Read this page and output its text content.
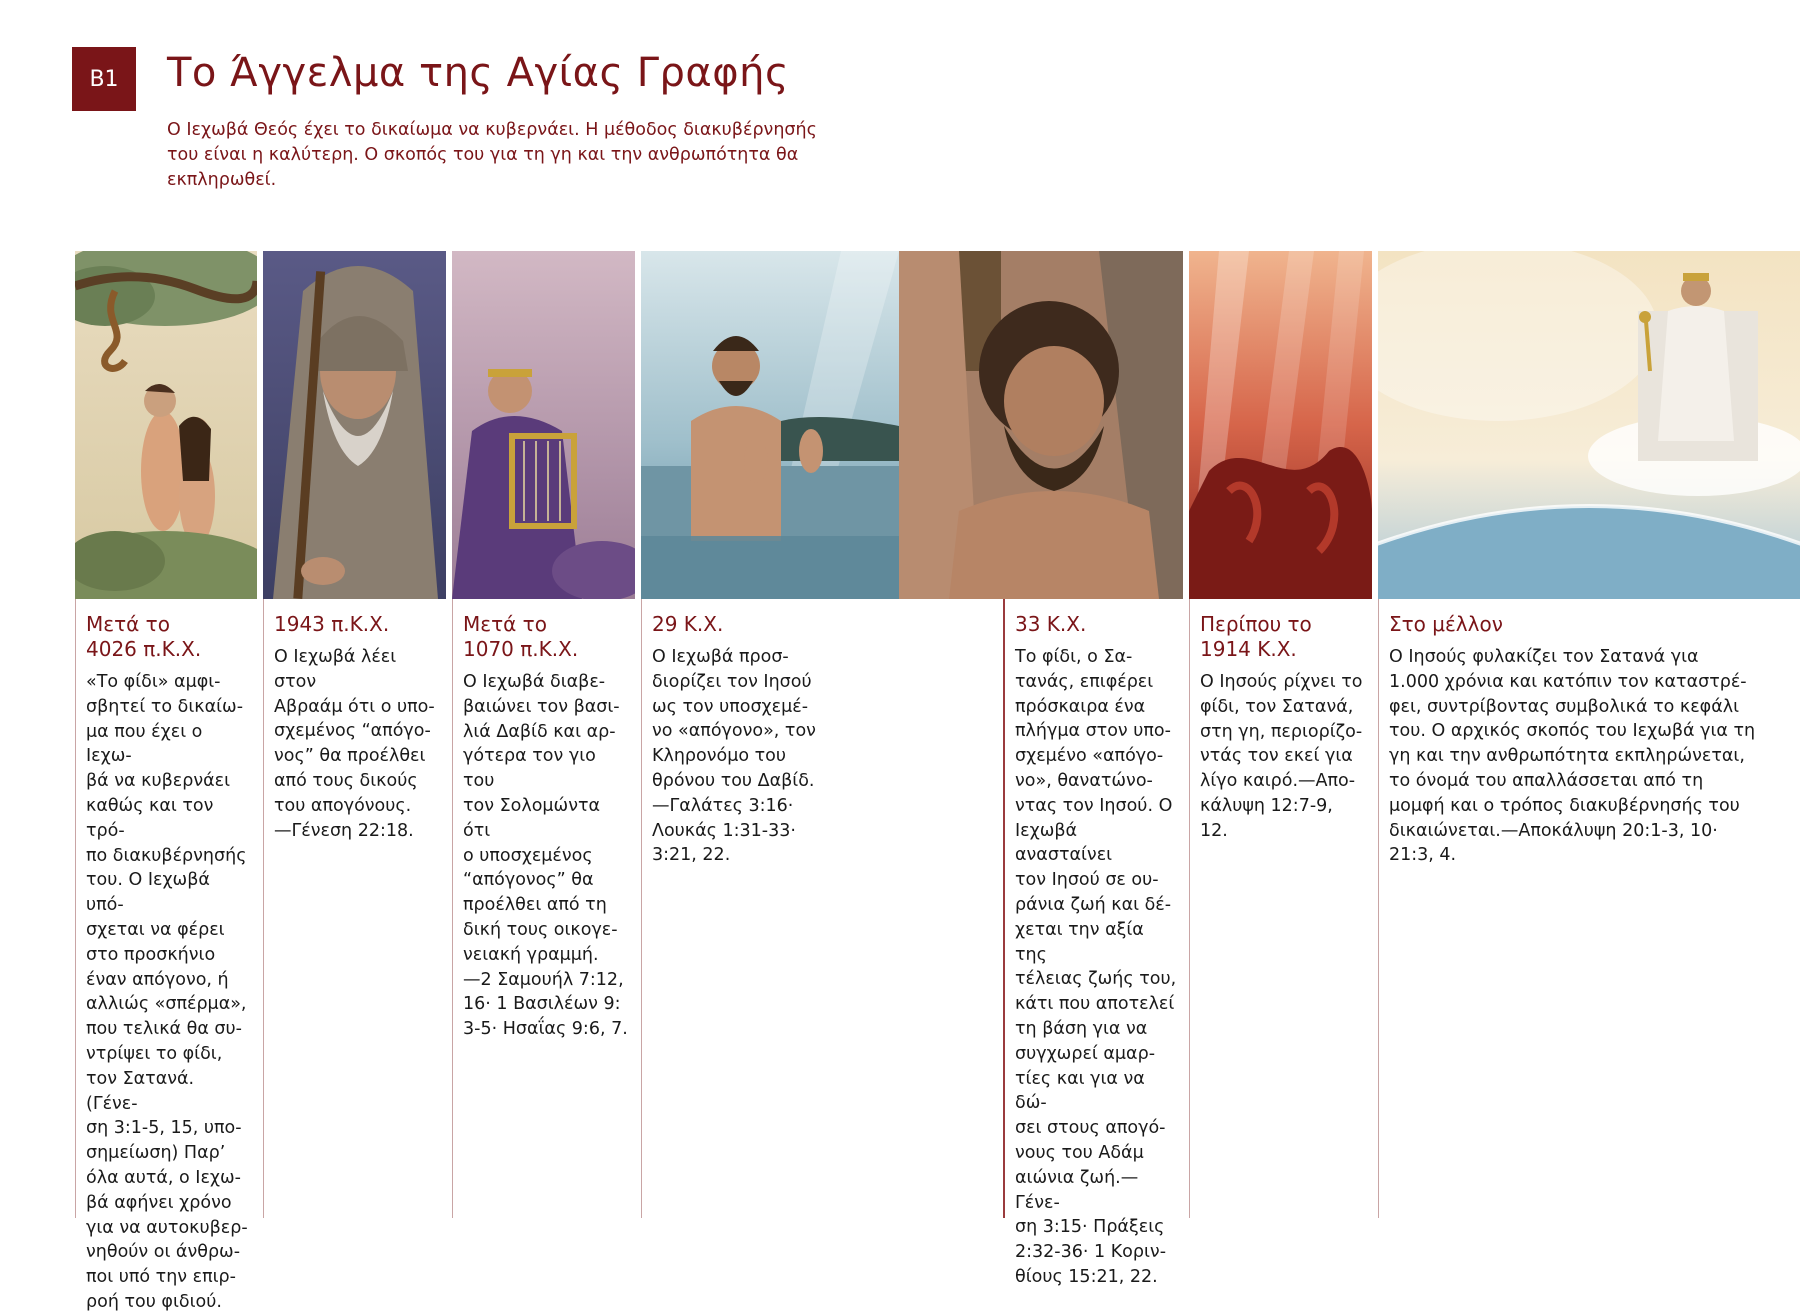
B1	Το Άγγελμα της Αγίας Γραφής

Ο Ιεχωβά Θεός έχει το δικαίωμα να κυβερνάει. Η μέθοδος διακυβέρνησής του είναι η καλύτερη. Ο σκοπός του για τη γη και την ανθρωπότητα θα εκπληρωθεί.

Μετά το
4026 π.Κ.Χ.
«Το φίδι» αμφι-
σβητεί το δικαίω-
μα που έχει ο Ιεχω-
βά να κυβερνάει
καθώς και τον τρό-
πο διακυβέρνησής
του. Ο Ιεχωβά υπό-
σχεται να φέρει
στο προσκήνιο
έναν απόγονο, ή
αλλιώς «σπέρμα»,
που τελικά θα συ-
ντρίψει το φίδι,
τον Σατανά. (Γένε-
ση 3:1-5, 15, υπο-
σημείωση) Παρ’
όλα αυτά, ο Ιεχω-
βά αφήνει χρόνο
για να αυτοκυβερ-
νηθούν οι άνθρω-
ποι υπό την επιρ-
ροή του φιδιού.
1943 π.Κ.Χ.
Ο Ιεχωβά λέει στον
Αβραάμ ότι ο υπο-
σχεμένος “απόγο-
νος” θα προέλθει
από τους δικούς
του απογόνους.
—Γένεση 22:18.
Μετά το
1070 π.Κ.Χ.
Ο Ιεχωβά διαβε-
βαιώνει τον βασι-
λιά Δαβίδ και αρ-
γότερα τον γιο του
τον Σολομώντα ότι
ο υποσχεμένος
“απόγονος” θα
προέλθει από τη
δική τους οικογε-
νειακή γραμμή.
—2 Σαμουήλ 7:12,
16· 1 Βασιλέων 9:
3-5· Ησαΐας 9:6, 7.
29 Κ.Χ.
Ο Ιεχωβά προσ-
διορίζει τον Ιησού
ως τον υποσχεμέ-
νο «απόγονο», τον
Κληρονόμο του
θρόνου του Δαβίδ.
—Γαλάτες 3:16·
Λουκάς 1:31-33·
3:21, 22.
33 Κ.Χ.
Το φίδι, ο Σα-
τανάς, επιφέρει
πρόσκαιρα ένα
πλήγμα στον υπο-
σχεμένο «απόγο-
νο», θανατώνο-
ντας τον Ιησού. Ο
Ιεχωβά ανασταίνει
τον Ιησού σε ου-
ράνια ζωή και δέ-
χεται την αξία της
τέλειας ζωής του,
κάτι που αποτελεί
τη βάση για να
συγχωρεί αμαρ-
τίες και για να δώ-
σει στους απογό-
νους του Αδάμ
αιώνια ζωή.—Γένε-
ση 3:15· Πράξεις
2:32-36· 1 Κοριν-
θίους 15:21, 22.
Περίπου το
1914 Κ.Χ.
Ο Ιησούς ρίχνει το
φίδι, τον Σατανά,
στη γη, περιορίζο-
ντάς τον εκεί για
λίγο καιρό.—Απο-
κάλυψη 12:7-9, 12.
Στο μέλλον
Ο Ιησούς φυλακίζει τον Σατανά για
1.000 χρόνια και κατόπιν τον καταστρέ-
φει, συντρίβοντας συμβολικά το κεφάλι
του. Ο αρχικός σκοπός του Ιεχωβά για τη
γη και την ανθρωπότητα εκπληρώνεται,
το όνομά του απαλλάσσεται από τη
μομφή και ο τρόπος διακυβέρνησής του
δικαιώνεται.—Αποκάλυψη 20:1-3, 10·
21:3, 4.
